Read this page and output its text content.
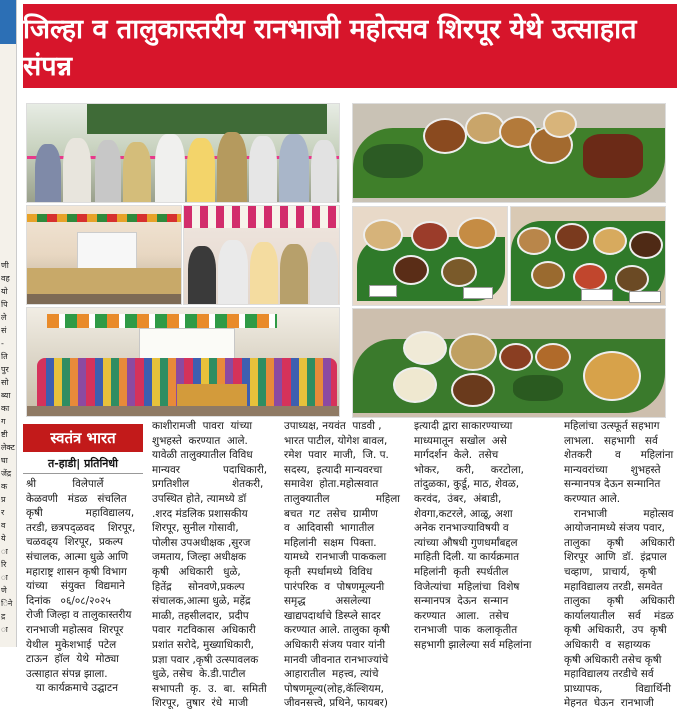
णी
वह
यो
पि
ले
सं
-
ति
पुर
सो
ब्या
का
ग
ष्टी
लेक्ट
घा
जेंद्र
क
प्र
र
व
ये
ा
रि
ा
णे
िने
द्र
ा
जिल्हा व तालुकास्तरीय रानभाजी महोत्सव शिरपूर येथे उत्साहात संपन्न
स्वतंत्र भारत
त-हाडी| प्रतिनिधी
श्री           विलेपार्ले
केळवणी   मंडळ   संचलित
कृषी             महाविद्यालय,
तरडी, छत्रपद्‌ळवद    शिरपूर,
चळवढ्‌य  शिरपूर,  प्रकल्प
संचालक, आत्मा धुळे आणि
महाराष्ट्र शासन कृषी विभाग
यांच्या    संयुक्त   विद्यमाने
दिनांक   ०६/०८/२०२५
रोजी जिल्हा व तालुकास्तरीय
रानभाजी महोत्सव  शिरपूर
येथील  मुकेशभाई  पटेल
टाऊन  हॉल  येथे  मोठ्या
उत्साहात संपन्न झाला.
या कार्यक्रमाचे उद्घाटन
काशीरामजी  पावरा  यांच्या
शुभहस्ते  करण्यात  आले.
यावेळी तालुक्यातील विविध
मान्यवर             पदाधिकारी,
प्रगतिशील             शेतकरी,
उपस्थित होते, त्यामध्ये डॉ
.शरद मंडलिक प्रशासकीय
शिरपूर, सुनील गोसावी,
पोलीस उपअधीक्षक ,सुरज
जमताय, जिल्हा अधीक्षक
कृषी   अधिकारी   धुळे,
हितेंद्र     सोनवणे,प्रकल्प
संचालक,आत्मा धुळे, महेंद्र
माळी, तहसीलदार,  प्रदीप
पवार  गटविकास  अधिकारी
प्रशांत सरोदे, मुख्याधिकारी,
प्रज्ञा पवार ,कृषी उत्स्पावलक
धुळे, तसेच  के.डी.पाटील
सभापती  कृ.  उ.  बा.  समिती
शिरपूर,  तुषार  रंधे  माजी
उपाध्यक्ष, नयवंत  पाडवी ,
भारत पाटील, योगेश बावल,
रमेश  पवार  माजी,  जि. प.
सदस्य,  इत्यादी मान्यवरचा
समावेश  होता.महोत्सवात
तालुक्यातील              महिला
बचत  गट  तसेच  ग्रामीण
व  आदिवासी  भागातील
महिलांनी  सक्षम  पिक्ता.
यामध्ये  रानभाजी पाककला
कृती  स्पर्धामध्ये  विविध
पारंपरिक  व  पोषणमूल्यनी
समृद्ध         असलेल्या
खाद्यपदार्थाचे डिस्प्ले सादर
करण्यात आले. तालुका कृषी
अधिकारी संजय पवार यांनी
मानवी जीवनात रानभाज्यांचे
आहारातील  महत्त्व, त्यांचे
पोषणमूल्य(लोह,कॅल्शियम,
जीवनसत्त्वे, प्रथिने, फायबर)
इत्यादी द्वारा साकारण्याच्या
माध्यमातून  सखोल  असे
मार्गदर्शन  केले.  तसेच
भोकर,     करी,     करटोला,
तांदुळका, कुर्डू, माठ, शेवळ,
करवंद,  उंबर,  अंबाडी,
शेवगा,कटरले, आळू, अशा
अनेक रानभाज्याविषयी व
त्यांच्या औषधी गुणधर्मांबद्दल
माहिती दिली. या कार्यक्रमात
महिलांनी  कृती  स्पर्धतील
विजेत्यांचा  महिलांचा  विशेष
सन्मानपत्र  देऊन  सन्मान
करण्यात   आला.   तसेच
रानभाजी  पाक  कलाकृतीत
सहभागी झालेल्या सर्व महिलांना
महिलांचा उत्स्फूर्त सहभाग
लाभला.   सहभागी   सर्व
शेतकरी       व      महिलांना
मान्यवरांच्या       शुभहस्ते
सन्मानपत्र देऊन सन्मानित
करण्यात आले.
रानभाजी           महोत्सव
आयोजनामध्ये संजय पवार,
तालुका     कृषी     अधिकारी
शिरपूर  आणि  डॉ.  इंद्रपाल
चव्हाण,   प्राचार्य,   कृषी
महाविद्यालय तरडी, समवेत
तालुका     कृषी     अधिकारी
कार्यालयातील    सर्व    मंडळ
कृषी  अधिकारी,  उप  कृषी
अधिकारी  व  सहाय्यक
कृषी अधिकारी तसेच कृषी
महाविद्यालय तरडीचे सर्व
प्राध्यापक,          विद्यार्थिनी
मेहनत  घेऊन  रानभाजी
